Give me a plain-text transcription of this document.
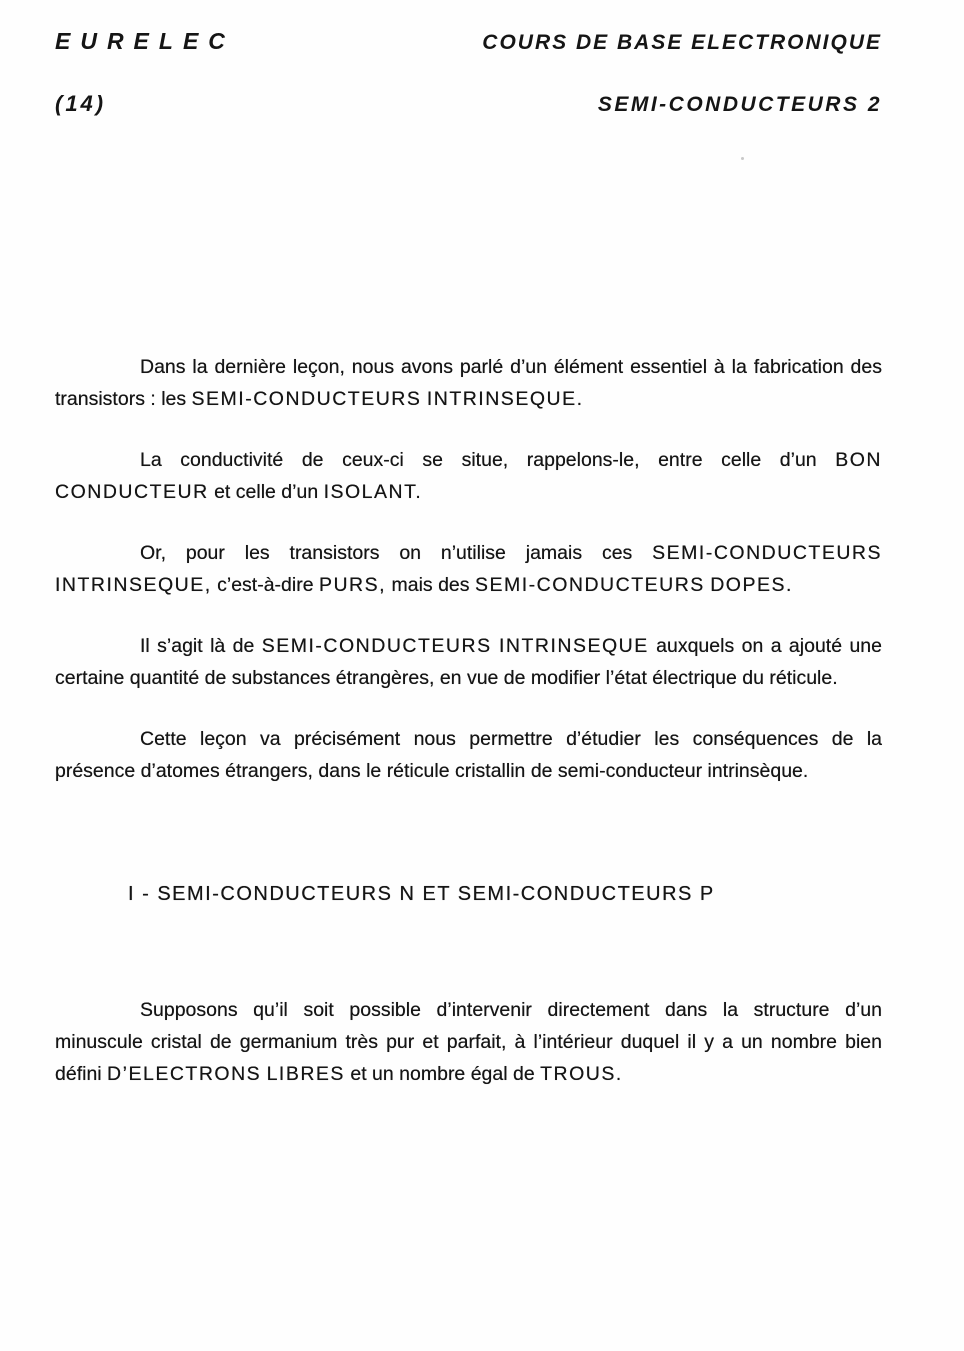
EURELEC	COURS DE BASE ELECTRONIQUE
(14)	SEMI-CONDUCTEURS 2

Dans la dernière leçon, nous avons parlé d’un élément essentiel à la fabrication des transistors : les SEMI-CONDUCTEURS INTRINSEQUE.

La conductivité de ceux-ci se situe, rappelons-le, entre celle d’un BON CONDUCTEUR et celle d’un ISOLANT.

Or, pour les transistors on n’utilise jamais ces SEMI-CONDUCTEURS INTRINSEQUE, c’est-à-dire PURS, mais des SEMI-CONDUCTEURS DOPES.

Il s’agit là de SEMI-CONDUCTEURS INTRINSEQUE auxquels on a ajouté une certaine quantité de substances étrangères, en vue de modifier l’état électrique du réticule.

Cette leçon va précisément nous permettre d’étudier les conséquences de la présence d’atomes étrangers, dans le réticule cristallin de semi-conducteur intrinsèque.

I - SEMI-CONDUCTEURS N ET SEMI-CONDUCTEURS P

Supposons qu’il soit possible d’intervenir directement dans la structure d’un minuscule cristal de germanium très pur et parfait, à l’intérieur duquel il y a un nombre bien défini D’ELECTRONS LIBRES et un nombre égal de TROUS.
